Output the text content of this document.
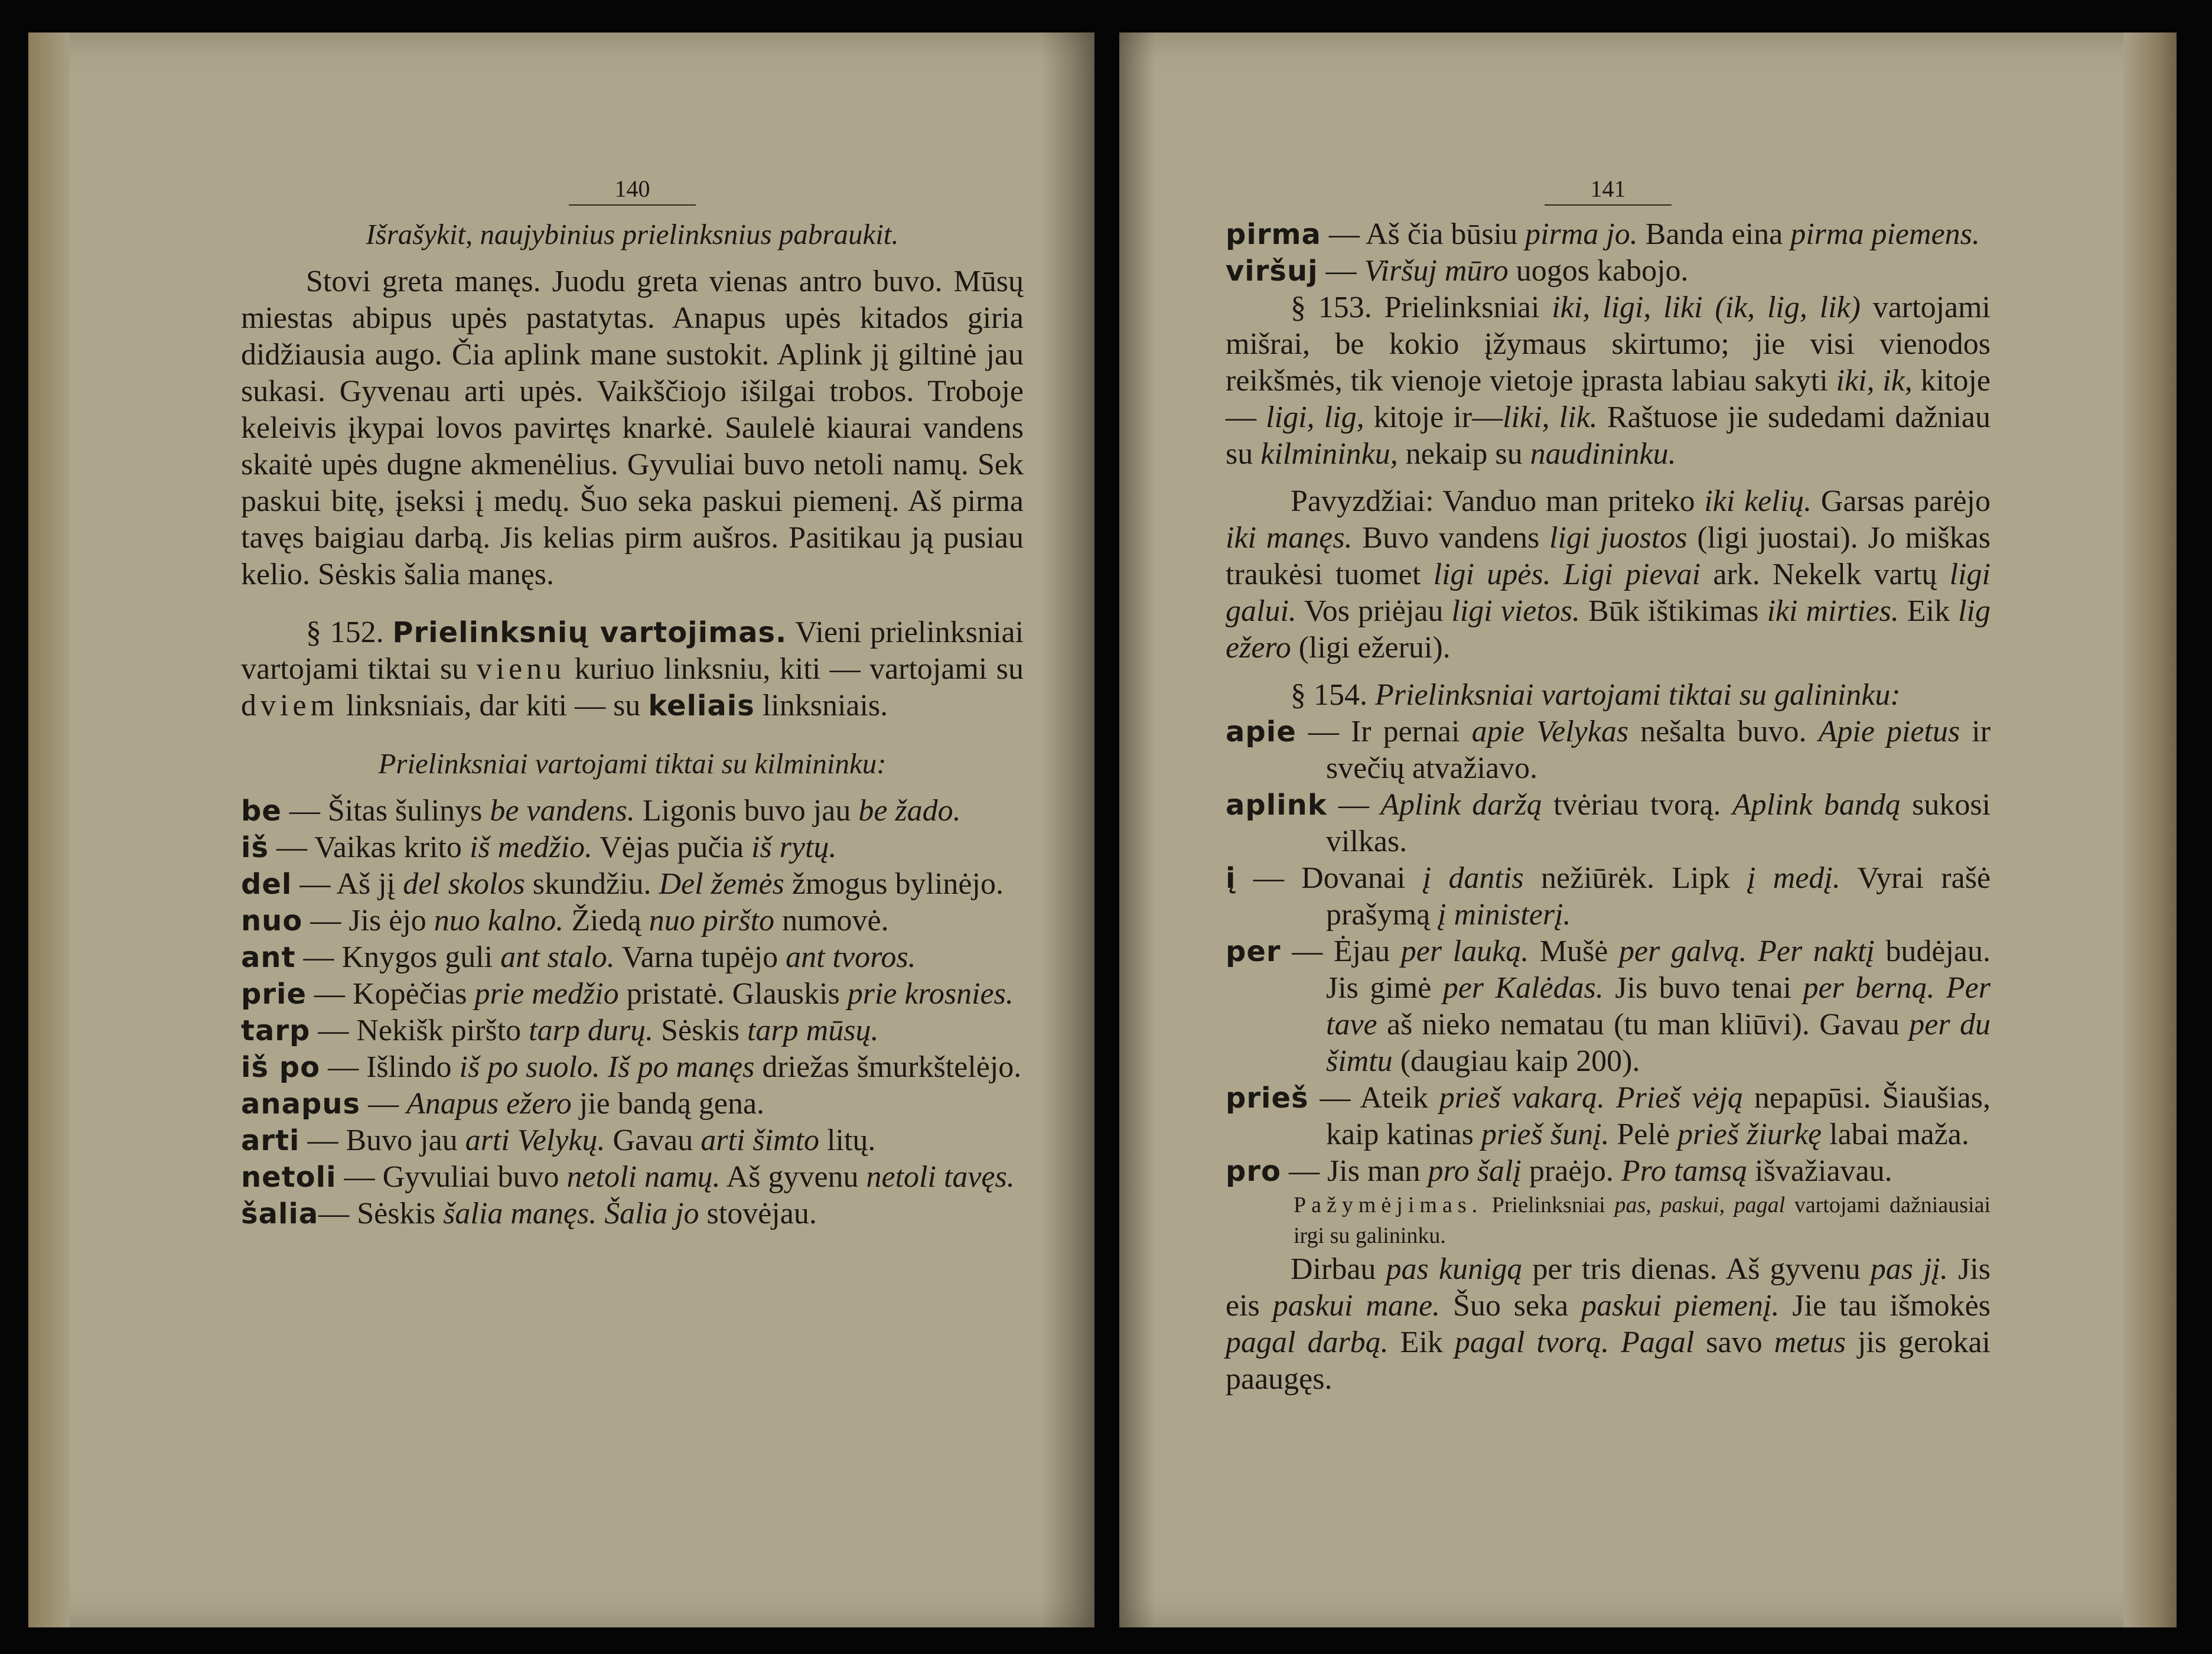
140

Išrašykit, naujybinius prielinksnius pabraukit.

Stovi greta manęs. Juodu greta vienas antro buvo. Mūsų miestas abipus upės pastatytas. Anapus upės kitados giria didžiausia augo. Čia aplink mane sustokit. Aplink jį giltinė jau sukasi. Gyvenau arti upės. Vaikščiojo išilgai trobos. Troboje keleivis įkypai lovos pavirtęs knarkė. Saulelė kiaurai vandens skaitė upės dugne akmenėlius. Gyvuliai buvo netoli namų. Sek paskui bitę, įseksi į medų. Šuo seka paskui piemenį. Aš pirma tavęs baigiau darbą. Jis kelias pirm aušros. Pasitikau ją pusiau kelio. Sėskis šalia manęs.

§ 152. Prielinksnių vartojimas. Vieni prielinksniai vartojami tiktai su vienu kuriuo linksniu, kiti — vartojami su dviem linksniais, dar kiti — su keliais linksniais.

Prielinksniai vartojami tiktai su kilmininku:

be — Šitas šulinys be vandens. Ligonis buvo jau be žado.

iš — Vaikas krito iš medžio. Vėjas pučia iš rytų.

del — Aš jį del skolos skundžiu. Del žemės žmogus bylinėjo.

nuo — Jis ėjo nuo kalno. Žiedą nuo piršto numovė.

ant — Knygos guli ant stalo. Varna tupėjo ant tvoros.

prie — Kopėčias prie medžio pristatė. Glauskis prie krosnies.

tarp — Nekišk piršto tarp durų. Sėskis tarp mūsų.

iš po — Išlindo iš po suolo. Iš po manęs driežas šmurkštelėjo.

anapus — Anapus ežero jie bandą gena.

arti — Buvo jau arti Velykų. Gavau arti šimto litų.

netoli — Gyvuliai buvo netoli namų. Aš gyvenu netoli tavęs.

šalia— Sėskis šalia manęs. Šalia jo stovėjau.

141

pirma — Aš čia būsiu pirma jo. Banda eina pirma piemens.

viršuj — Viršuj mūro uogos kabojo.

§ 153. Prielinksniai iki, ligi, liki (ik, lig, lik) vartojami mišrai, be kokio įžymaus skirtumo; jie visi vienodos reikšmės, tik vienoje vietoje įprasta labiau sakyti iki, ik, kitoje — ligi, lig, kitoje ir—liki, lik. Raštuose jie sudedami dažniau su kilmininku, nekaip su naudininku.

Pavyzdžiai: Vanduo man priteko iki kelių. Garsas parėjo iki manęs. Buvo vandens ligi juostos (ligi juostai). Jo miškas traukėsi tuomet ligi upės. Ligi pievai ark. Nekelk vartų ligi galui. Vos priėjau ligi vietos. Būk ištikimas iki mirties. Eik lig ežero (ligi ežerui).

§ 154. Prielinksniai vartojami tiktai su galininku:

apie — Ir pernai apie Velykas nešalta buvo. Apie pietus ir svečių atvažiavo.

aplink — Aplink daržą tvėriau tvorą. Aplink bandą sukosi vilkas.

į — Dovanai į dantis nežiūrėk. Lipk į medį. Vyrai rašė prašymą į ministerį.

per — Ėjau per lauką. Mušė per galvą. Per naktį budėjau. Jis gimė per Kalėdas. Jis buvo tenai per berną. Per tave aš nieko nematau (tu man kliūvi). Gavau per du šimtu (daugiau kaip 200).

prieš — Ateik prieš vakarą. Prieš vėją nepapūsi. Šiaušias, kaip katinas prieš šunį. Pelė prieš žiurkę labai maža.

pro — Jis man pro šalį praėjo. Pro tamsą išvažiavau.

Pažymėjimas. Prielinksniai pas, paskui, pagal vartojami dažniausiai irgi su galininku.

Dirbau pas kunigą per tris dienas. Aš gyvenu pas jį. Jis eis paskui mane. Šuo seka paskui piemenį. Jie tau išmokės pagal darbą. Eik pagal tvorą. Pagal savo metus jis gerokai paaugęs.
